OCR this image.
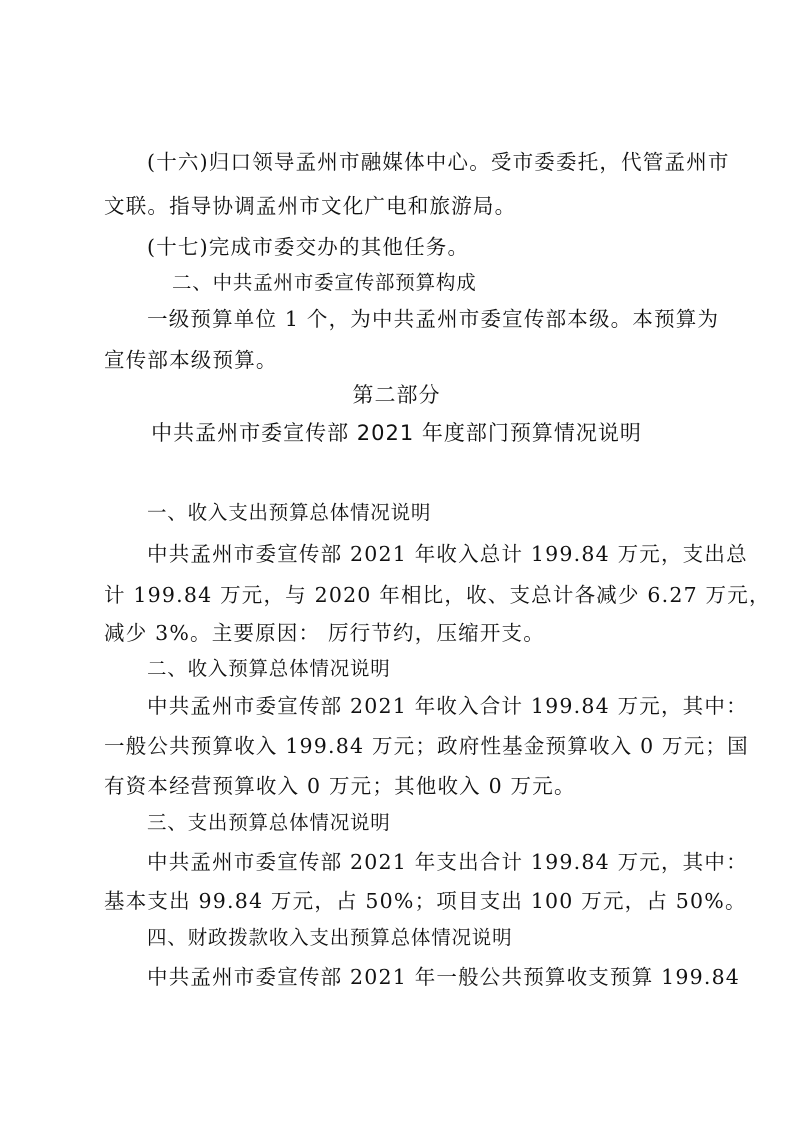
(十六)归口领导孟州市融媒体中心。受市委委托，代管孟州市

文联。指导协调孟州市文化广电和旅游局。

(十七)完成市委交办的其他任务。

二、中共孟州市委宣传部预算构成

一级预算单位 1 个，为中共孟州市委宣传部本级。本预算为

宣传部本级预算。

第二部分

中共孟州市委宣传部 2021 年度部门预算情况说明

一、收入支出预算总体情况说明

中共孟州市委宣传部 2021 年收入总计 199.84 万元，支出总

计 199.84 万元，与 2020 年相比，收、支总计各减少 6.27 万元，

减少 3%。主要原因： 厉行节约，压缩开支。

二、收入预算总体情况说明

中共孟州市委宣传部 2021 年收入合计 199.84 万元，其中：

一般公共预算收入 199.84 万元；政府性基金预算收入 0 万元；国

有资本经营预算收入 0 万元；其他收入 0 万元。

三、支出预算总体情况说明

中共孟州市委宣传部 2021 年支出合计 199.84 万元，其中：

基本支出 99.84 万元，占 50%；项目支出 100 万元，占 50%。

四、财政拨款收入支出预算总体情况说明

中共孟州市委宣传部 2021 年一般公共预算收支预算 199.84
